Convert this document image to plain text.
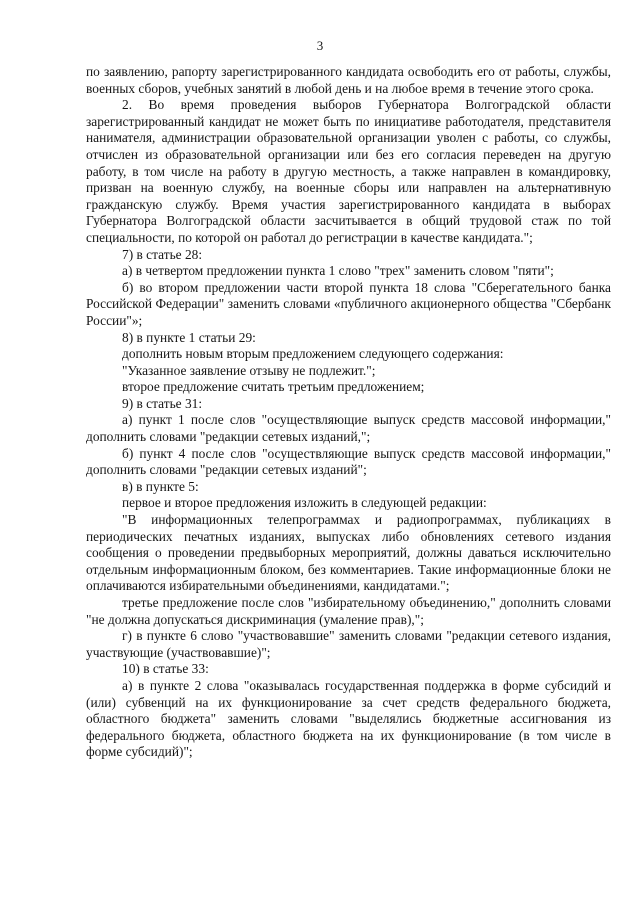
3

по заявлению, рапорту зарегистрированного кандидата освободить его от работы, службы, военных сборов, учебных занятий в любой день и на любое время в течение этого срока.

2. Во время проведения выборов Губернатора Волгоградской области зарегистрированный кандидат не может быть по инициативе работодателя, представителя нанимателя, администрации образовательной организации уволен с работы, со службы, отчислен из образовательной организации или без его согласия переведен на другую работу, в том числе на работу в другую местность, а также направлен в командировку, призван на военную службу, на военные сборы или направлен на альтернативную гражданскую службу. Время участия зарегистрированного кандидата в выборах Губернатора Волгоградской области засчитывается в общий трудовой стаж по той специальности, по которой он работал до регистрации в качестве кандидата.";

7) в статье 28:

а) в четвертом предложении пункта 1 слово "трех" заменить словом "пяти";

б) во втором предложении части второй пункта 18 слова "Сберегательного банка Российской Федерации" заменить словами «публичного акционерного общества "Сбербанк России"»;

8) в пункте 1 статьи 29:

дополнить новым вторым предложением следующего содержания:

"Указанное заявление отзыву не подлежит.";

второе предложение считать третьим предложением;

9) в статье 31:

а) пункт 1 после слов "осуществляющие выпуск средств массовой информации," дополнить словами "редакции сетевых изданий,";

б) пункт 4 после слов "осуществляющие выпуск средств массовой информации," дополнить словами "редакции сетевых изданий";

в) в пункте 5:

первое и второе предложения изложить в следующей редакции:

"В информационных телепрограммах и радиопрограммах, публикациях в периодических печатных изданиях, выпусках либо обновлениях сетевого издания сообщения о проведении предвыборных мероприятий, должны даваться исключительно отдельным информационным блоком, без комментариев. Такие информационные блоки не оплачиваются избирательными объединениями, кандидатами.";

третье предложение после слов "избирательному объединению," дополнить словами "не должна допускаться дискриминация (умаление прав),";

г) в пункте 6 слово "участвовавшие" заменить словами "редакции сетевого издания, участвующие (участвовавшие)";

10) в статье 33:

а) в пункте 2 слова "оказывалась государственная поддержка в форме субсидий и (или) субвенций на их функционирование за счет средств федерального бюджета, областного бюджета" заменить словами "выделялись бюджетные ассигнования из федерального бюджета, областного бюджета на их функционирование (в том числе в форме субсидий)";
